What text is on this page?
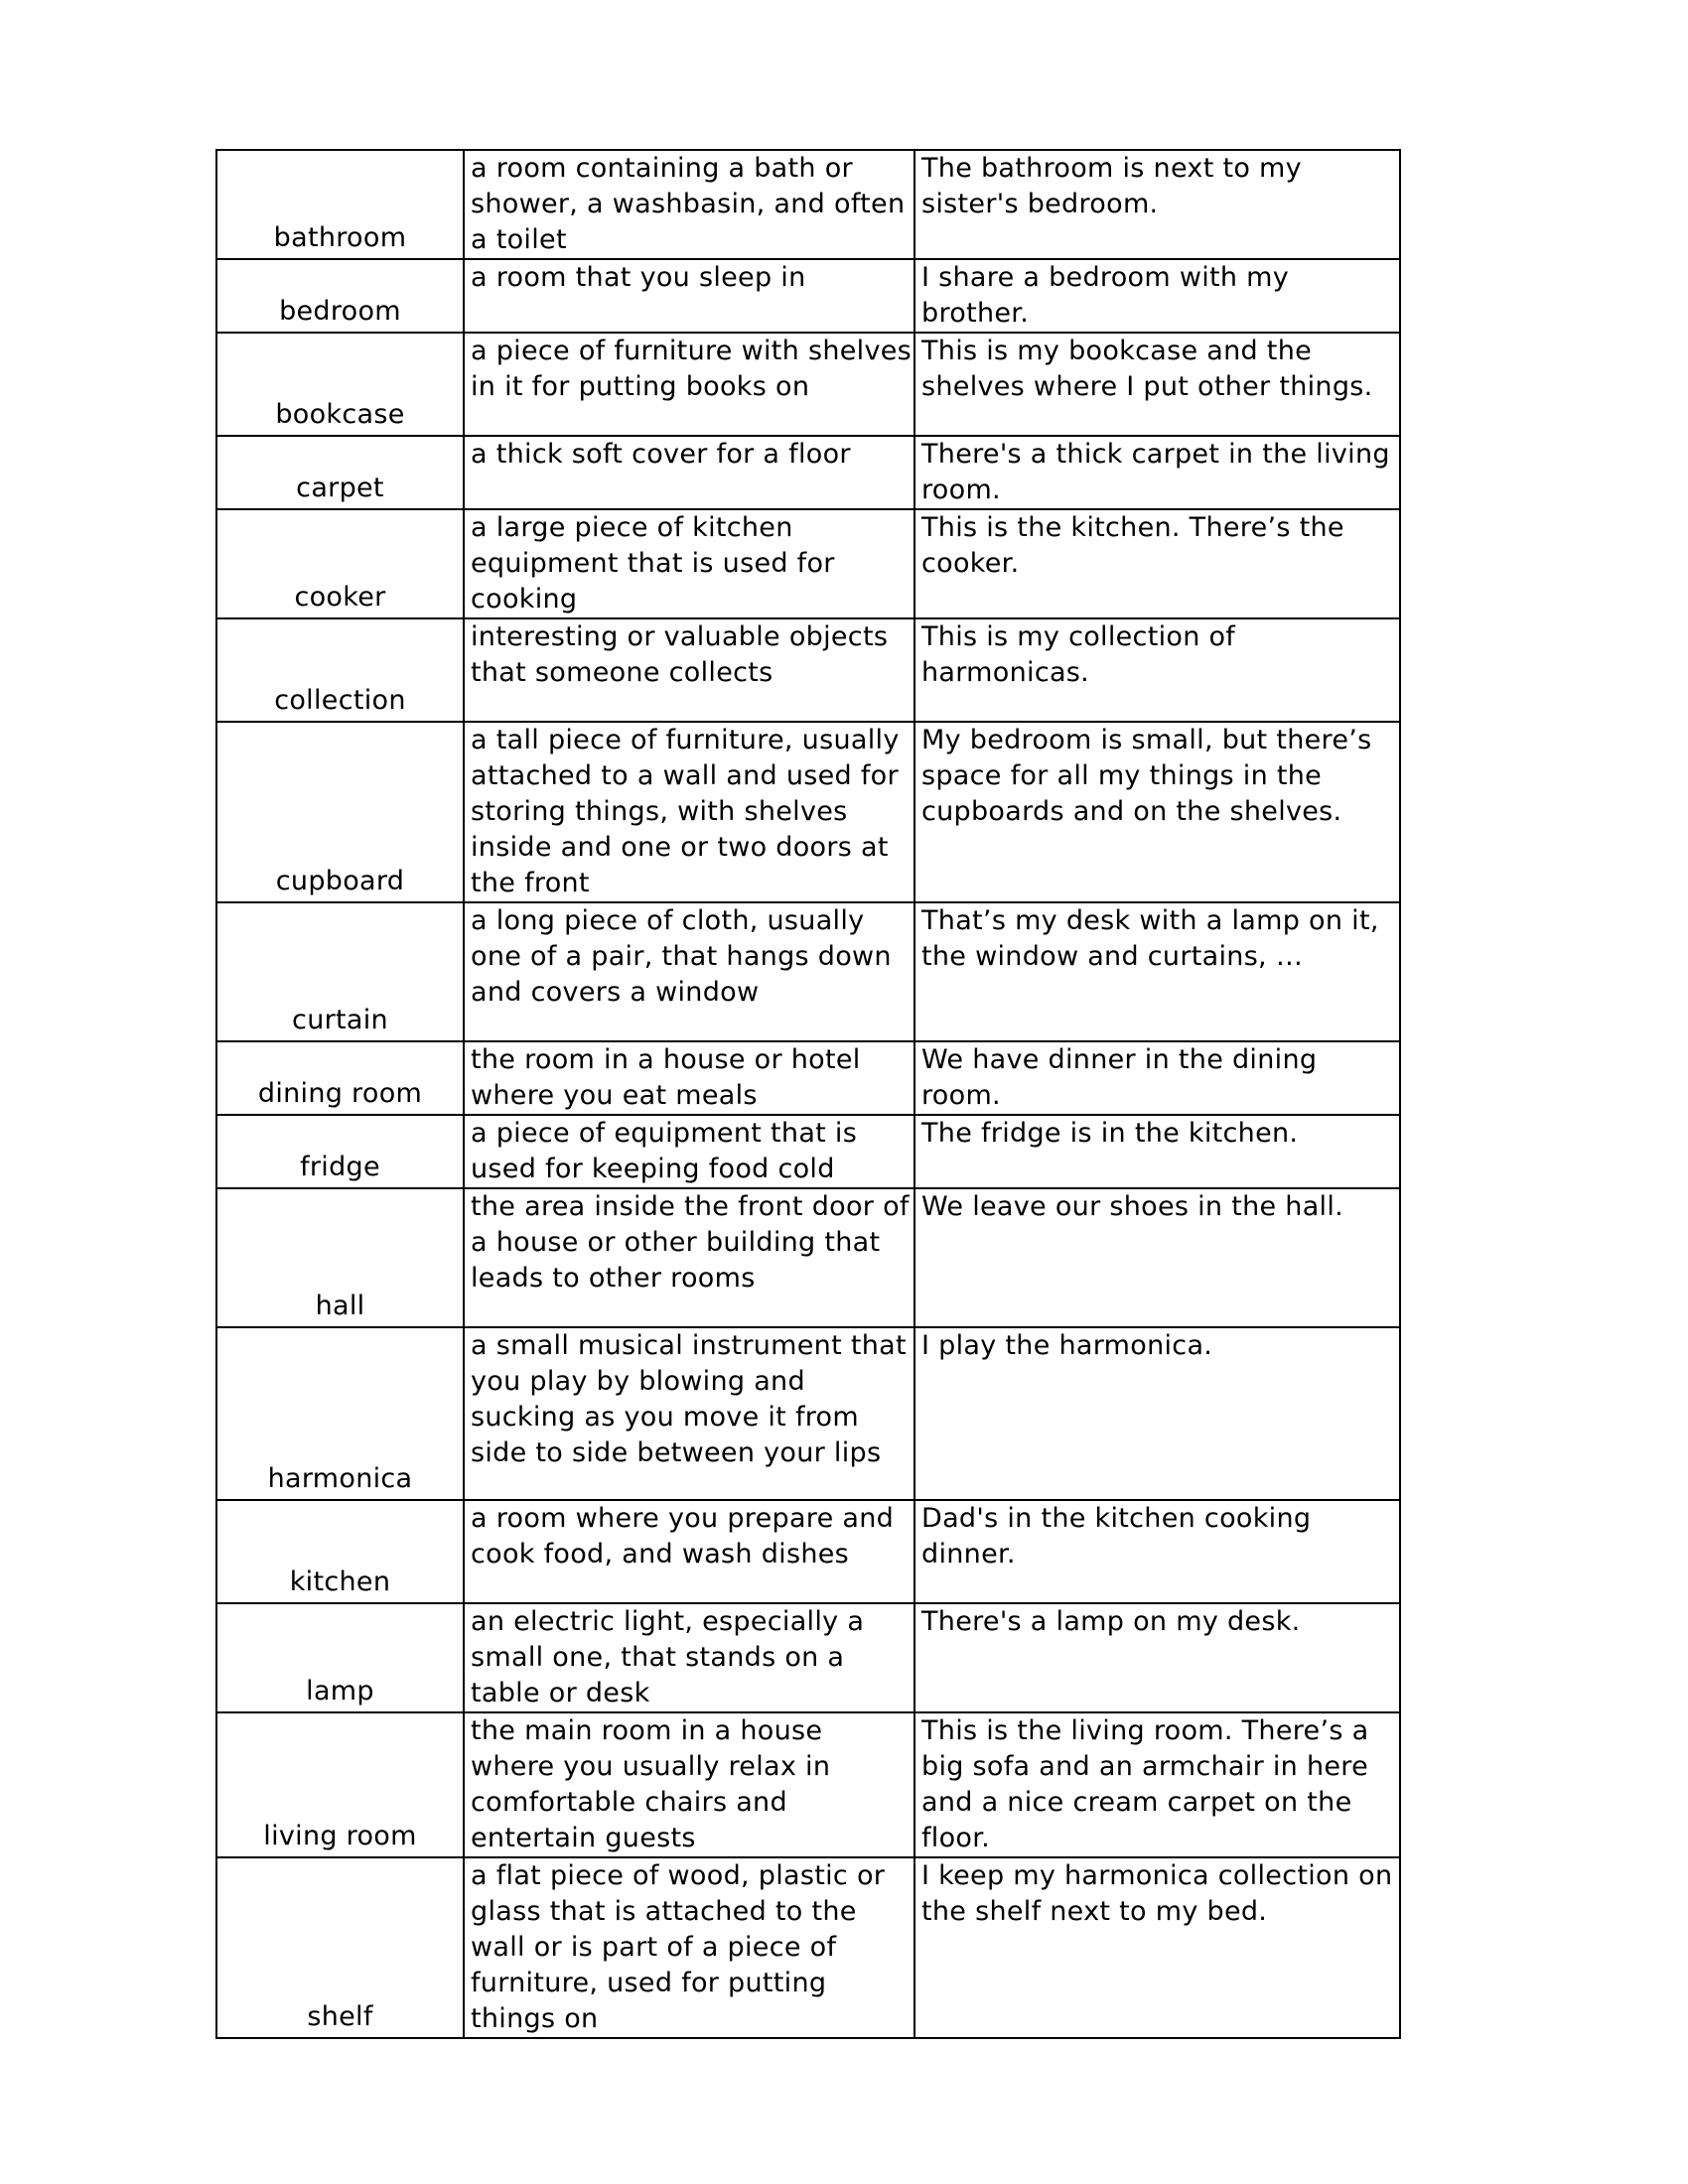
bathroom	a room containing a bath or shower, a washbasin, and often a toilet	The bathroom is next to my sister's bedroom.

bedroom	a room that you sleep in	I share a bedroom with my brother.

bookcase	a piece of furniture with shelves in it for putting books on	This is my bookcase and the shelves where I put other things.

carpet	a thick soft cover for a floor	There's a thick carpet in the living room.

cooker	a large piece of kitchen equipment that is used for cooking	This is the kitchen. There’s the cooker.

collection	interesting or valuable objects that someone collects	This is my collection of harmonicas.

cupboard	a tall piece of furniture, usually attached to a wall and used for storing things, with shelves inside and one or two doors at the front	My bedroom is small, but there’s space for all my things in the cupboards and on the shelves.

curtain	a long piece of cloth, usually one of a pair, that hangs down and covers a window	That’s my desk with a lamp on it, the window and curtains, …

dining room	the room in a house or hotel where you eat meals	We have dinner in the dining room.

fridge	a piece of equipment that is used for keeping food cold	The fridge is in the kitchen.

hall	the area inside the front door of a house or other building that leads to other rooms	We leave our shoes in the hall.

harmonica	a small musical instrument that you play by blowing and sucking as you move it from side to side between your lips	I play the harmonica.

kitchen	a room where you prepare and cook food, and wash dishes	Dad's in the kitchen cooking dinner.

lamp	an electric light, especially a small one, that stands on a table or desk	There's a lamp on my desk.

living room	the main room in a house where you usually relax in comfortable chairs and entertain guests	This is the living room. There’s a big sofa and an armchair in here and a nice cream carpet on the floor.

shelf	a flat piece of wood, plastic or glass that is attached to the wall or is part of a piece of furniture, used for putting things on	I keep my harmonica collection on the shelf next to my bed.
